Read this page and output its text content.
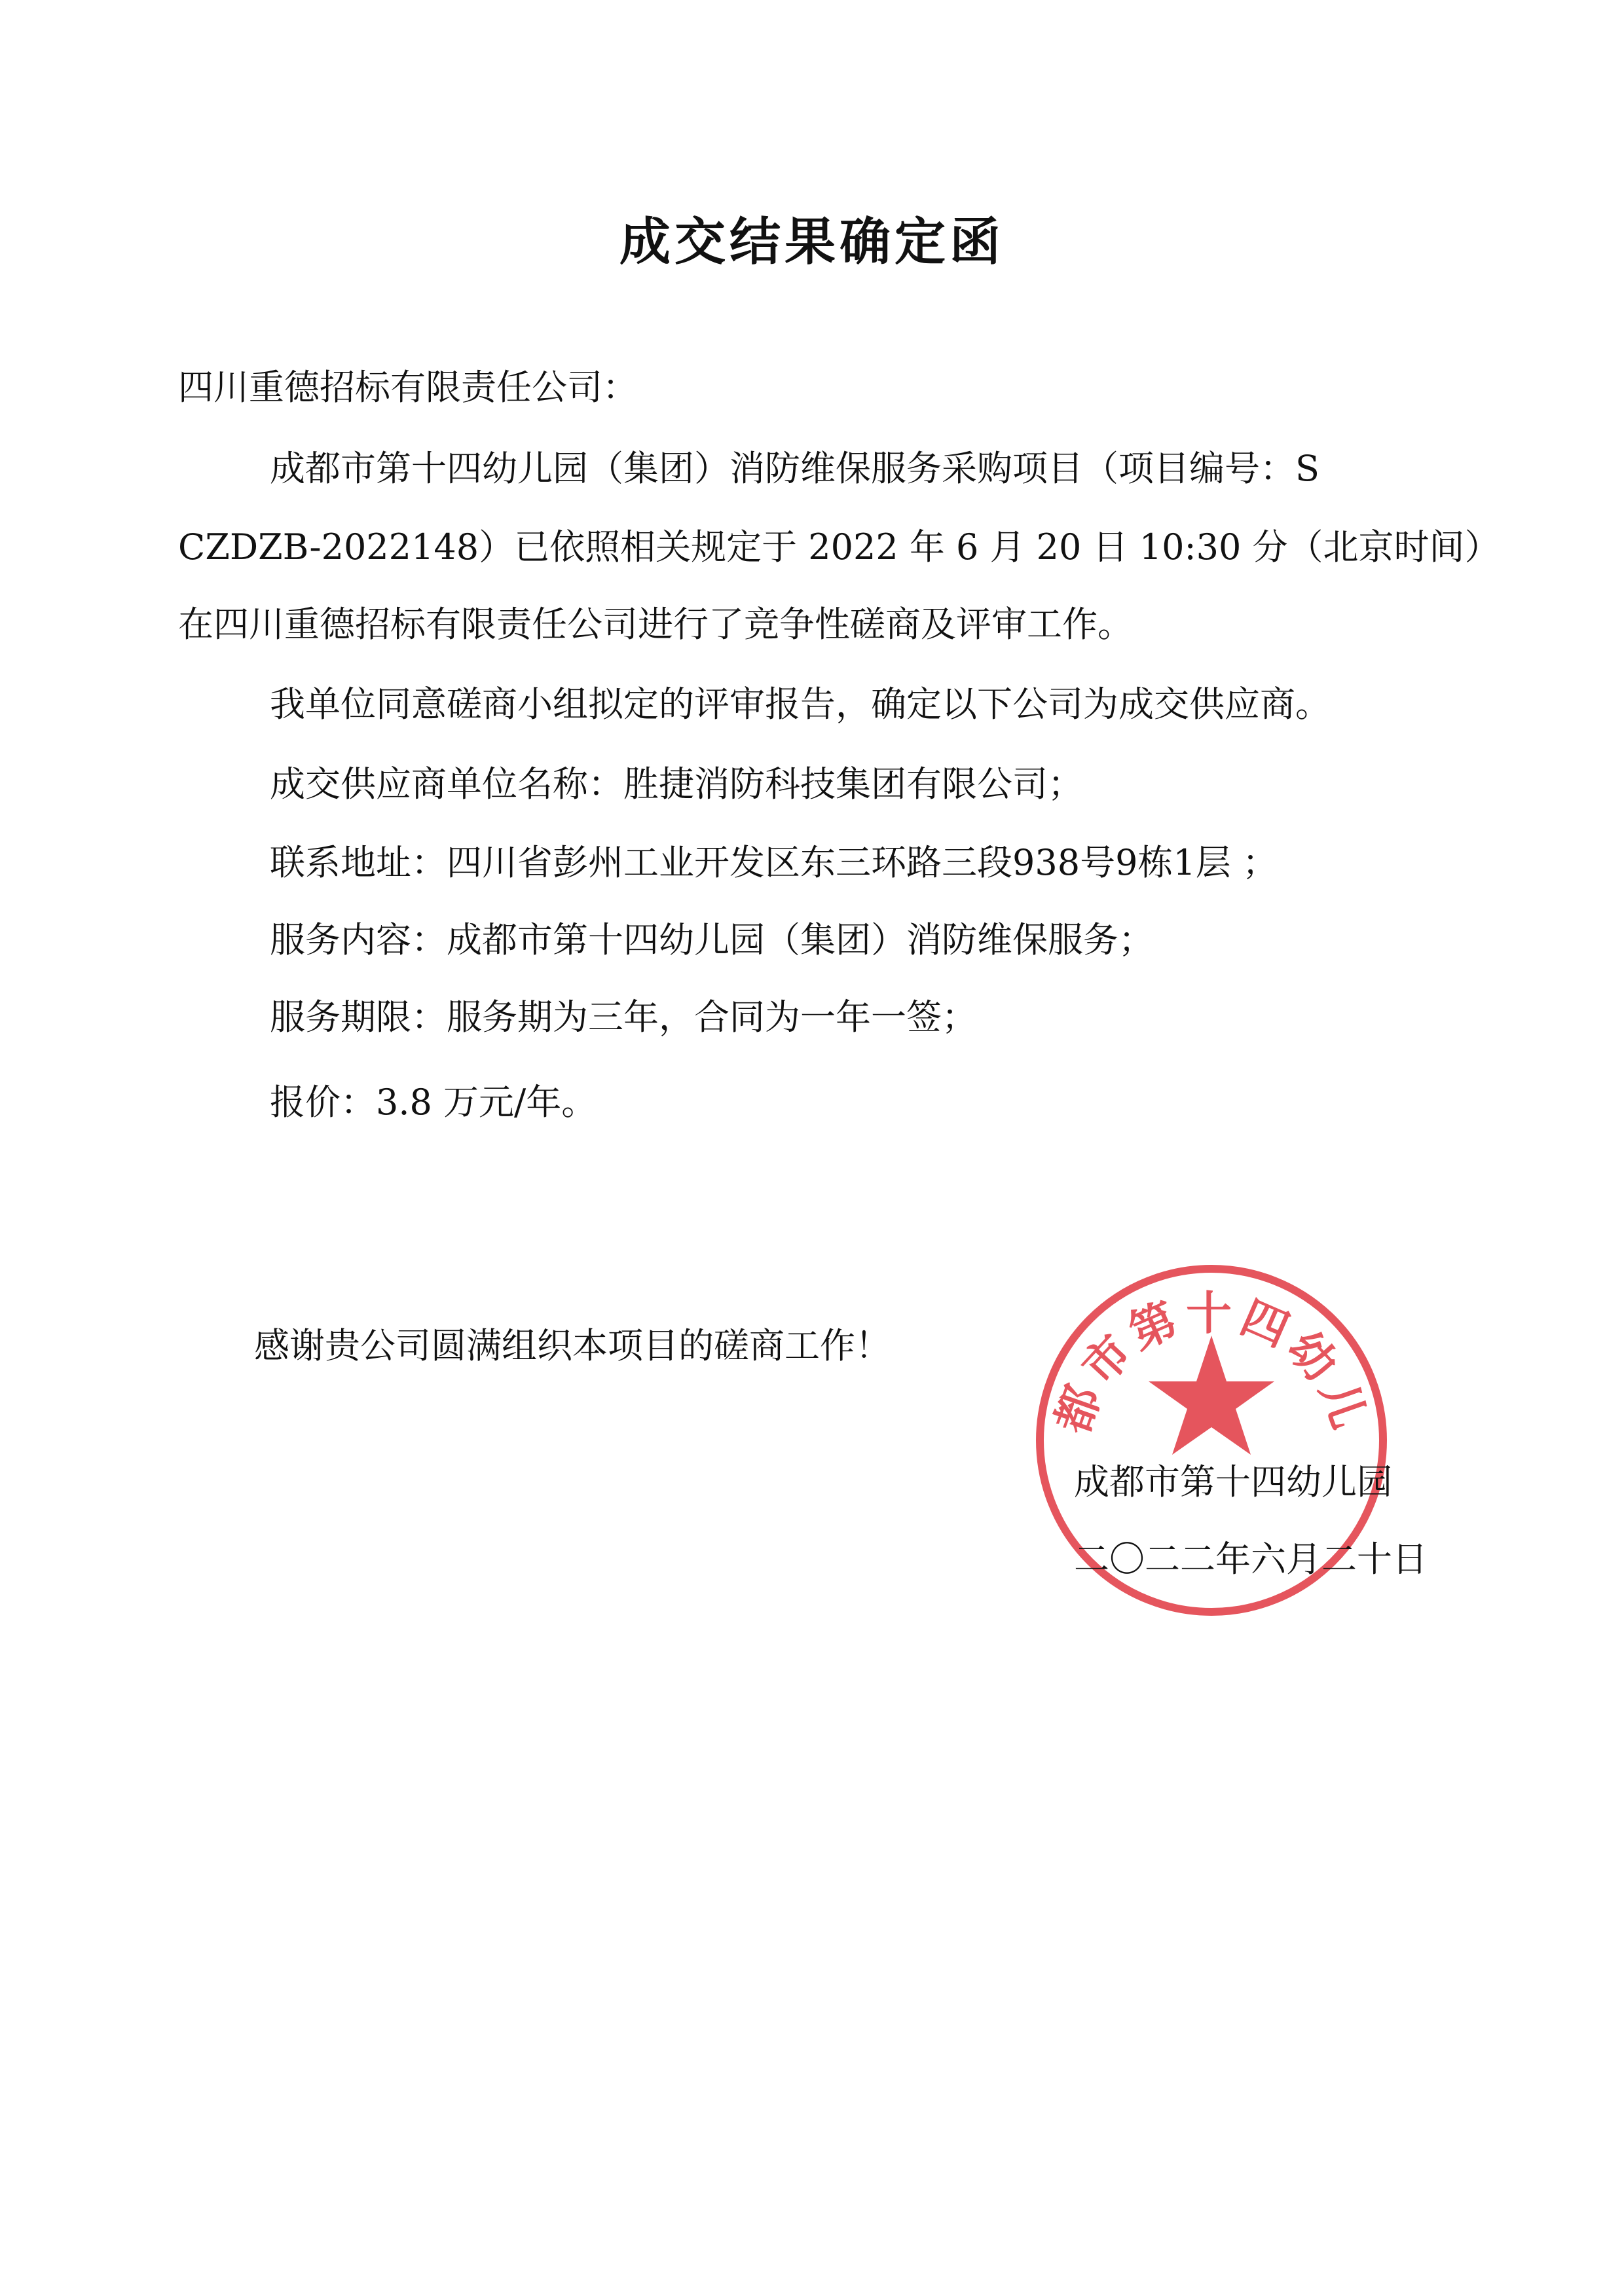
成交结果确定函
四川重德招标有限责任公司：
成都市第十四幼儿园（集团）消防维保服务采购项目（项目编号：S
CZDZB-2022148）已依照相关规定于 2022 年 6 月 20 日 10:30 分（北京时间）
在四川重德招标有限责任公司进行了竞争性磋商及评审工作。
我单位同意磋商小组拟定的评审报告，确定以下公司为成交供应商。
成交供应商单位名称：胜捷消防科技集团有限公司；
联系地址：四川省彭州工业开发区东三环路三段938号9栋1层 ；
服务内容：成都市第十四幼儿园（集团）消防维保服务；
服务期限：服务期为三年，合同为一年一签；
报价：3.8 万元/年。
感谢贵公司圆满组织本项目的磋商工作！
都市第十四幼儿
成都市第十四幼儿园
二〇二二年六月二十日
